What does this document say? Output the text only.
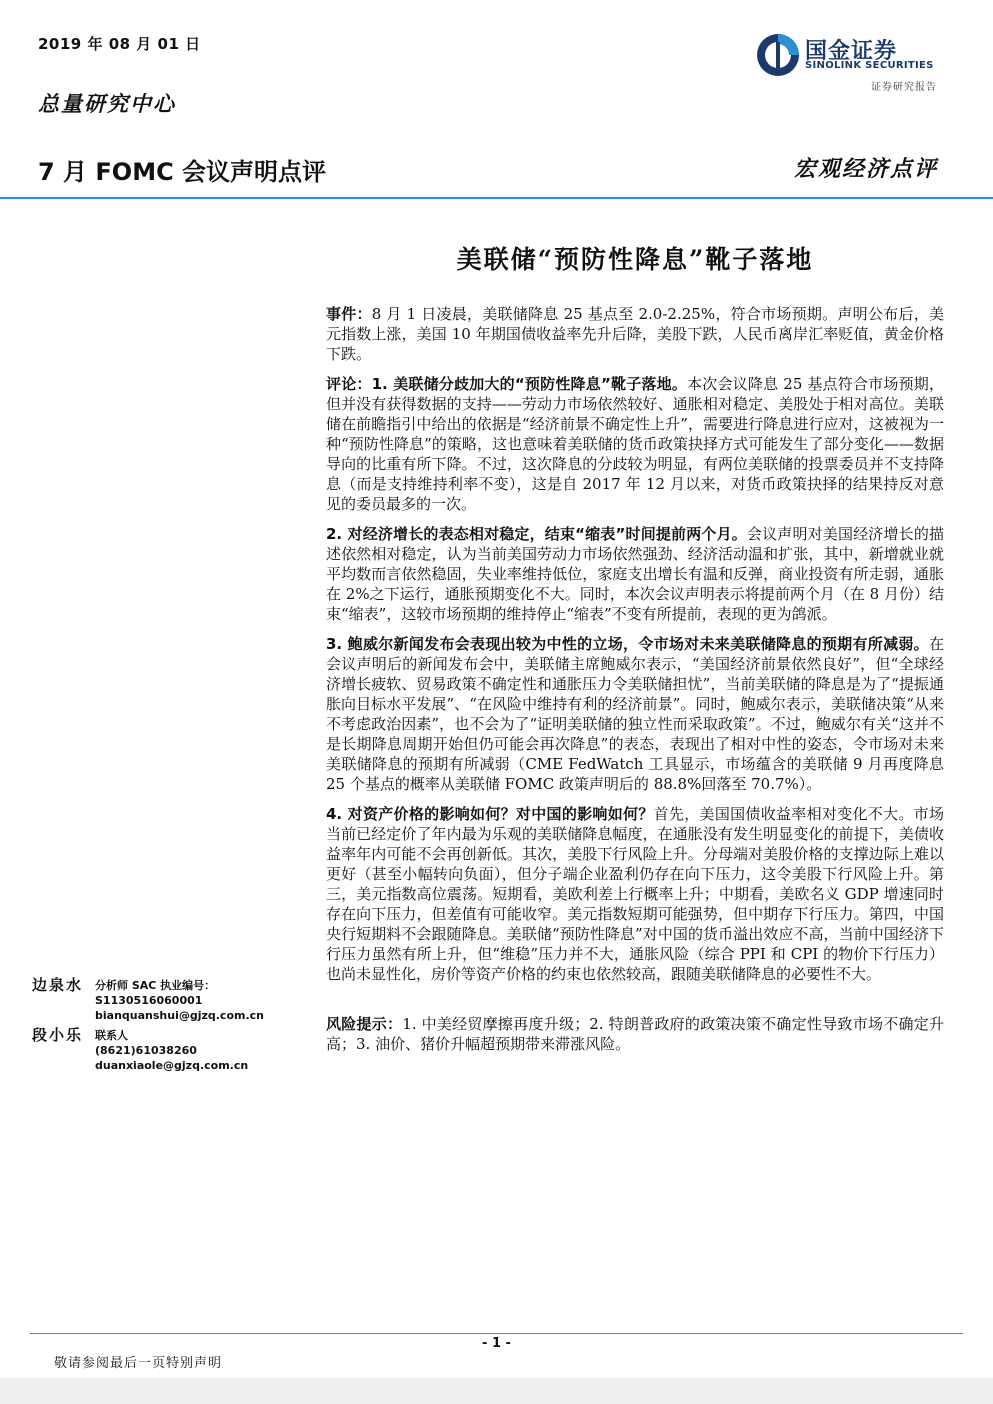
2019 年 08 月 01 日
总量研究中心
国金证券
SINOLINK SECURITIES
证券研究报告
7 月 FOMC 会议声明点评	宏观经济点评
美联储“预防性降息”靴子落地

事件：8 月 1 日凌晨，美联储降息 25 基点至 2.0-2.25%，符合市场预期。声明公布后，美元指数上涨，美国 10 年期国债收益率先升后降，美股下跌，人民币离岸汇率贬值，黄金价格下跌。

评论：1. 美联储分歧加大的“预防性降息”靴子落地。本次会议降息 25 基点符合市场预期，但并没有获得数据的支持——劳动力市场依然较好、通胀相对稳定、美股处于相对高位。美联储在前瞻指引中给出的依据是“经济前景不确定性上升”，需要进行降息进行应对，这被视为一种“预防性降息”的策略，这也意味着美联储的货币政策抉择方式可能发生了部分变化——数据导向的比重有所下降。不过，这次降息的分歧较为明显，有两位美联储的投票委员并不支持降息（而是支持维持利率不变），这是自 2017 年 12 月以来，对货币政策抉择的结果持反对意见的委员最多的一次。

2. 对经济增长的表态相对稳定，结束“缩表”时间提前两个月。会议声明对美国经济增长的描述依然相对稳定，认为当前美国劳动力市场依然强劲、经济活动温和扩张，其中，新增就业就平均数而言依然稳固，失业率维持低位，家庭支出增长有温和反弹，商业投资有所走弱，通胀在 2%之下运行，通胀预期变化不大。同时，本次会议声明表示将提前两个月（在 8 月份）结束“缩表”，这较市场预期的维持停止“缩表”不变有所提前，表现的更为鸽派。

3. 鲍威尔新闻发布会表现出较为中性的立场，令市场对未来美联储降息的预期有所减弱。在会议声明后的新闻发布会中，美联储主席鲍威尔表示，“美国经济前景依然良好”，但“全球经济增长疲软、贸易政策不确定性和通胀压力令美联储担忧”，当前美联储的降息是为了“提振通胀向目标水平发展”、“在风险中维持有利的经济前景”。同时，鲍威尔表示，美联储决策“从来不考虑政治因素”，也不会为了“证明美联储的独立性而采取政策”。不过，鲍威尔有关“这并不是长期降息周期开始但仍可能会再次降息”的表态，表现出了相对中性的姿态，令市场对未来美联储降息的预期有所减弱（CME FedWatch 工具显示，市场蕴含的美联储 9 月再度降息 25 个基点的概率从美联储 FOMC 政策声明后的 88.8%回落至 70.7%）。

4. 对资产价格的影响如何？对中国的影响如何？首先，美国国债收益率相对变化不大。市场当前已经定价了年内最为乐观的美联储降息幅度，在通胀没有发生明显变化的前提下，美债收益率年内可能不会再创新低。其次，美股下行风险上升。分母端对美股价格的支撑边际上难以更好（甚至小幅转向负面），但分子端企业盈利仍存在向下压力，这令美股下行风险上升。第三，美元指数高位震荡。短期看，美欧利差上行概率上升；中期看，美欧名义 GDP 增速同时存在向下压力，但差值有可能收窄。美元指数短期可能强势，但中期存下行压力。第四，中国央行短期料不会跟随降息。美联储“预防性降息”对中国的货币溢出效应不高，当前中国经济下行压力虽然有所上升，但“维稳”压力并不大，通胀风险（综合 PPI 和 CPI 的物价下行压力）也尚未显性化，房价等资产价格的约束也依然较高，跟随美联储降息的必要性不大。

风险提示：1. 中美经贸摩擦再度升级；2. 特朗普政府的政策决策不确定性导致市场不确定升高；3. 油价、猪价升幅超预期带来滞涨风险。

边泉水 分析师 SAC 执业编号：S1130516060001
bianquanshui@gjzq.com.cn
段小乐 联系人
(8621)61038260
duanxiaole@gjzq.com.cn
- 1 -
敬请参阅最后一页特别声明
